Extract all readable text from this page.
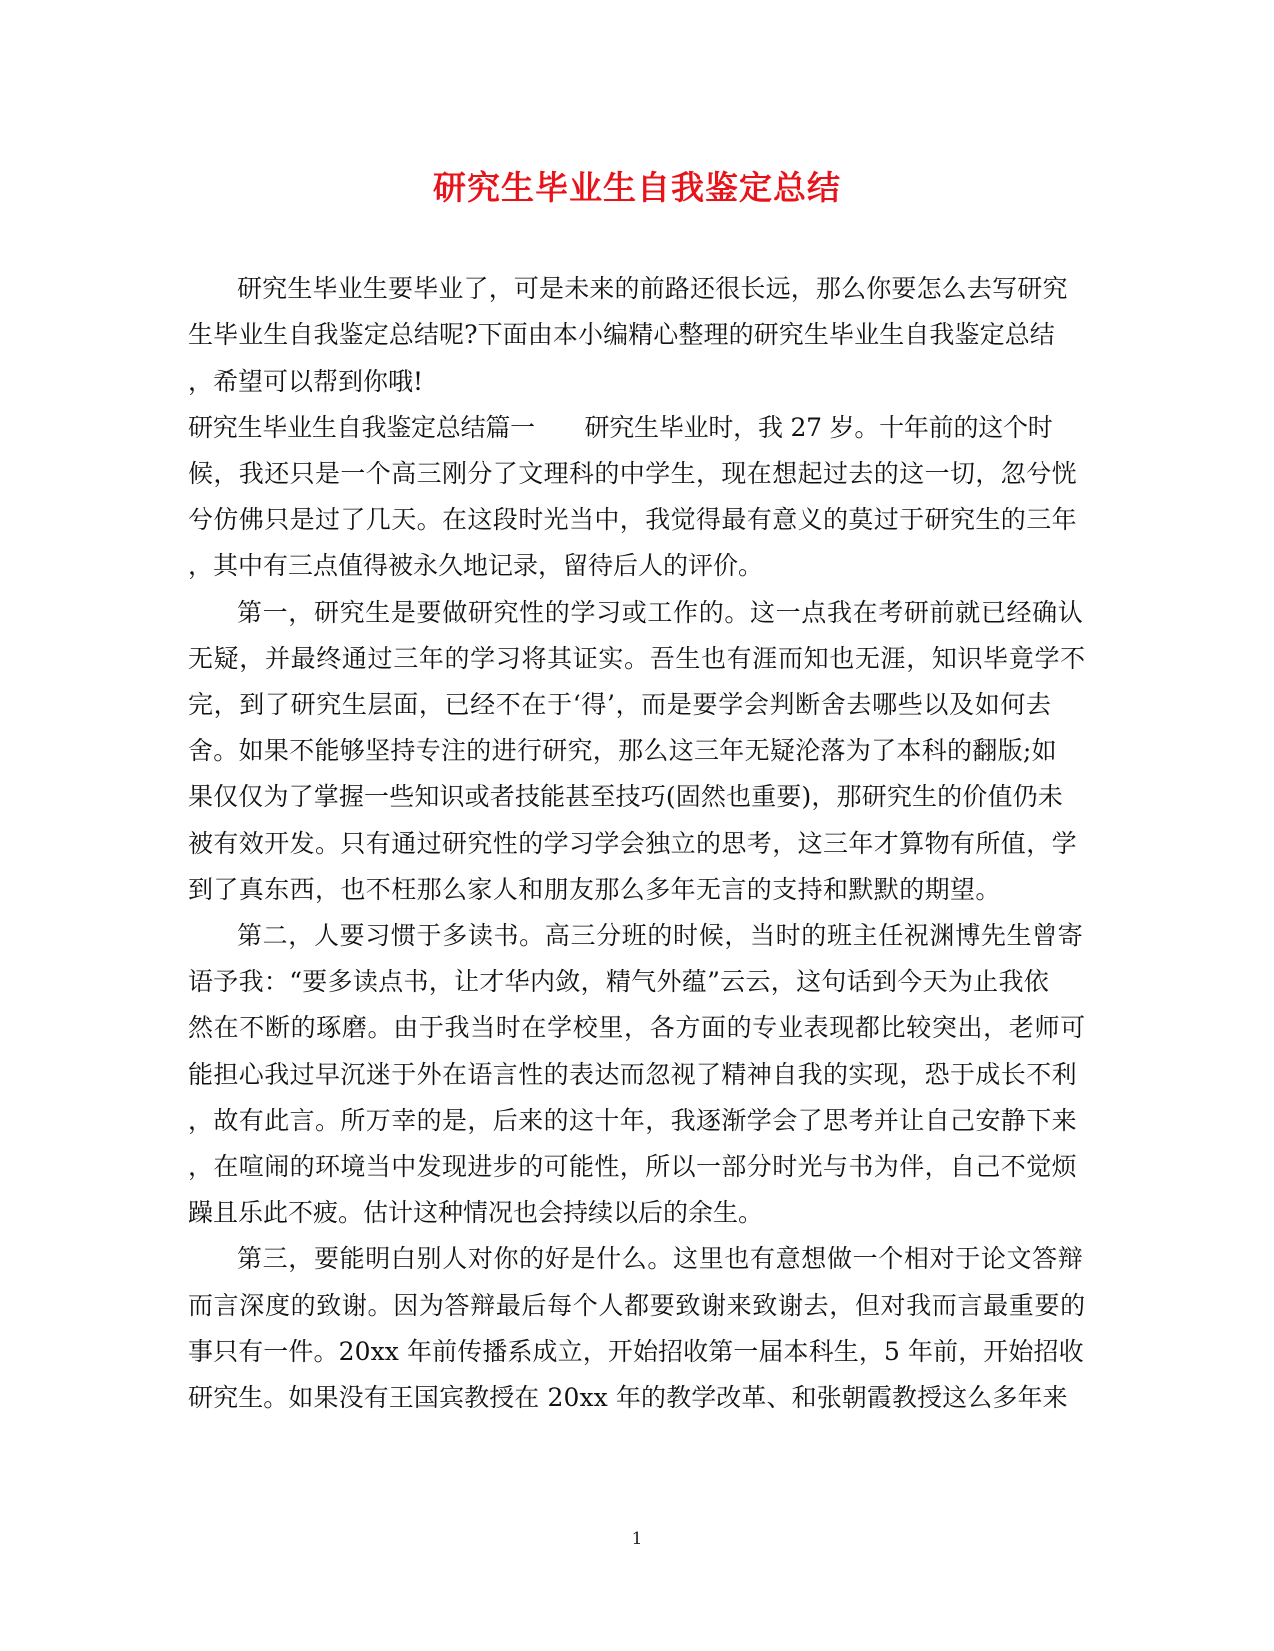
研究生毕业生自我鉴定总结
研究生毕业生要毕业了，可是未来的前路还很长远，那么你要怎么去写研究
生毕业生自我鉴定总结呢?下面由本小编精心整理的研究生毕业生自我鉴定总结
，希望可以帮到你哦!
研究生毕业生自我鉴定总结篇一　　研究生毕业时，我 27 岁。十年前的这个时
候，我还只是一个高三刚分了文理科的中学生，现在想起过去的这一切，忽兮恍
兮仿佛只是过了几天。在这段时光当中，我觉得最有意义的莫过于研究生的三年
，其中有三点值得被永久地记录，留待后人的评价。
第一，研究生是要做研究性的学习或工作的。这一点我在考研前就已经确认
无疑，并最终通过三年的学习将其证实。吾生也有涯而知也无涯，知识毕竟学不
完，到了研究生层面，已经不在于‘得’，而是要学会判断舍去哪些以及如何去
舍。如果不能够坚持专注的进行研究，那么这三年无疑沦落为了本科的翻版;如
果仅仅为了掌握一些知识或者技能甚至技巧(固然也重要)，那研究生的价值仍未
被有效开发。只有通过研究性的学习学会独立的思考，这三年才算物有所值，学
到了真东西，也不枉那么家人和朋友那么多年无言的支持和默默的期望。
第二，人要习惯于多读书。高三分班的时候，当时的班主任祝渊博先生曾寄
语予我：“要多读点书，让才华内敛，精气外蕴”云云，这句话到今天为止我依
然在不断的琢磨。由于我当时在学校里，各方面的专业表现都比较突出，老师可
能担心我过早沉迷于外在语言性的表达而忽视了精神自我的实现，恐于成长不利
，故有此言。所万幸的是，后来的这十年，我逐渐学会了思考并让自己安静下来
，在喧闹的环境当中发现进步的可能性，所以一部分时光与书为伴，自己不觉烦
躁且乐此不疲。估计这种情况也会持续以后的余生。
第三，要能明白别人对你的好是什么。这里也有意想做一个相对于论文答辩
而言深度的致谢。因为答辩最后每个人都要致谢来致谢去，但对我而言最重要的
事只有一件。20xx 年前传播系成立，开始招收第一届本科生，5 年前，开始招收
研究生。如果没有王国宾教授在 20xx 年的教学改革、和张朝霞教授这么多年来
1
